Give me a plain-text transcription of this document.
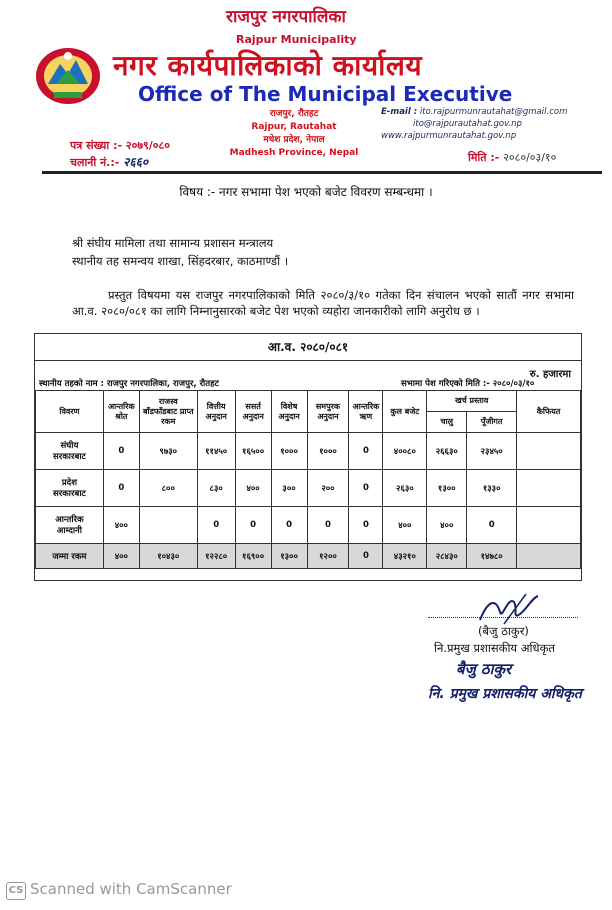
राजपुर नगरपालिका
Rajpur Municipality
नगर कार्यपालिकाको कार्यालय
Office of The Municipal Executive
राजपुर, रौतहट
Rajpur, Rautahat
मधेश प्रदेश, नेपाल
Madhesh Province, Nepal
E-mail : ito.rajpurmunrautahat@gmail.com
ito@rajpurautahat.gov.np
www.rajpurmunrautahat.gov.np
पत्र संख्या :- २०७९/०८०
चलानी नं.:- २६६०	मिति :- २०८०/०३/१०
विषय :- नगर सभामा पेश भएको बजेट विवरण सम्बन्धमा ।
श्री संघीय मामिला तथा सामान्य प्रशासन मन्त्रालय
स्थानीय तह समन्वय शाखा, सिंहदरबार, काठमाण्डौं ।
प्रस्तुत विषयमा यस राजपुर नगरपालिकाको मिति २०८०/३/१० गतेका दिन संचालन भएको सातौं नगर सभामा आ.व. २०८०/०८१ का लागि निम्नानुसारको बजेट पेश भएको व्यहोरा जानकारीको लागि अनुरोध छ ।
आ.व. २०८०/०८१
रु. हजारमा
स्थानीय तहको नाम : राजपुर नगरपालिका, राजपुर, रौतहट	सभामा पेश गरिएको मिति :- २०८०/०३/१०
विवरण	आन्तरिक श्रोत	राजस्व बाँडफाँडबाट प्राप्त रकम	वित्तीय अनुदान	ससर्त अनुदान	विशेष अनुदान	समपुरक अनुदान	आन्तरिक ऋण	कुल बजेट	खर्च प्रस्ताव		कैफियत
									चालु	पूँजीगत	
संघीय
सरकारबाट	0	९७३०	११४५०	१६५००	१०००	१०००	0	४००८०	२६६३०	२३४५०	
प्रदेश
सरकारबाट	0	८००	८३०	४००	३००	२००	0	२६३०	१३००	१३३०	
आन्तरिक
आम्दानी	४००		0	0	0	0	0	४००	४००	0	
जम्मा रकम	४००	१०४३०	१२२८०	१६९००	१३००	१२००	0	४३२१०	२८४३०	१४७८०	
(बैजु ठाकुर)
नि.प्रमुख प्रशासकीय अधिकृत
बैजु ठाकुर
नि. प्रमुख प्रशासकीय अधिकृत
CS Scanned with CamScanner
